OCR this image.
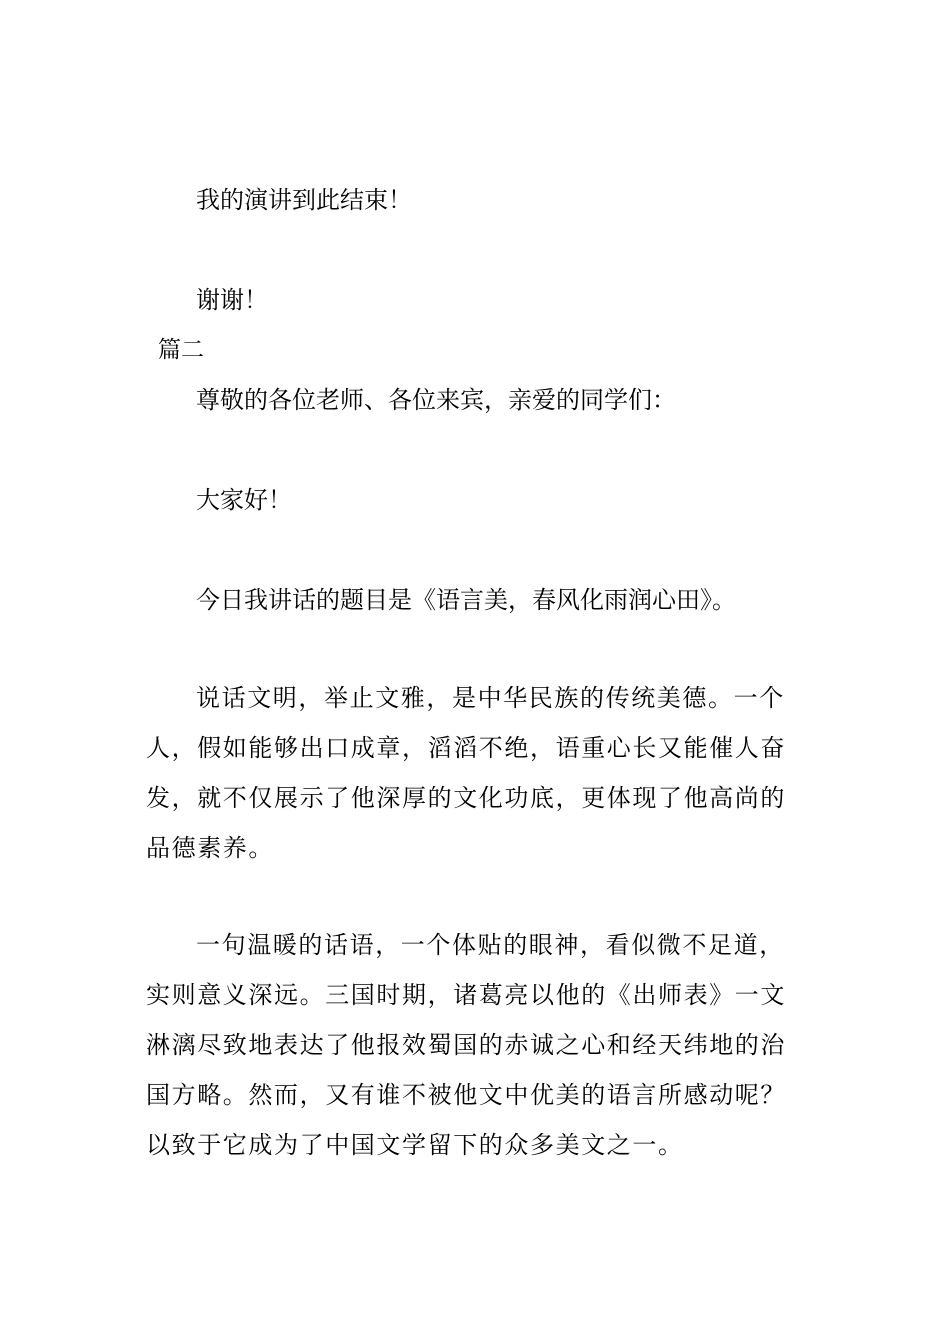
我的演讲到此结束！
谢谢！
篇二
尊敬的各位老师、各位来宾，亲爱的同学们：
大家好！
今日我讲话的题目是《语言美，春风化雨润心田》。
说话文明，举止文雅，是中华民族的传统美德。一个
人，假如能够出口成章，滔滔不绝，语重心长又能催人奋
发，就不仅展示了他深厚的文化功底，更体现了他高尚的
品德素养。
一句温暖的话语，一个体贴的眼神，看似微不足道，
实则意义深远。三国时期，诸葛亮以他的《出师表》一文
淋漓尽致地表达了他报效蜀国的赤诚之心和经天纬地的治
国方略。然而，又有谁不被他文中优美的语言所感动呢？
以致于它成为了中国文学留下的众多美文之一。
